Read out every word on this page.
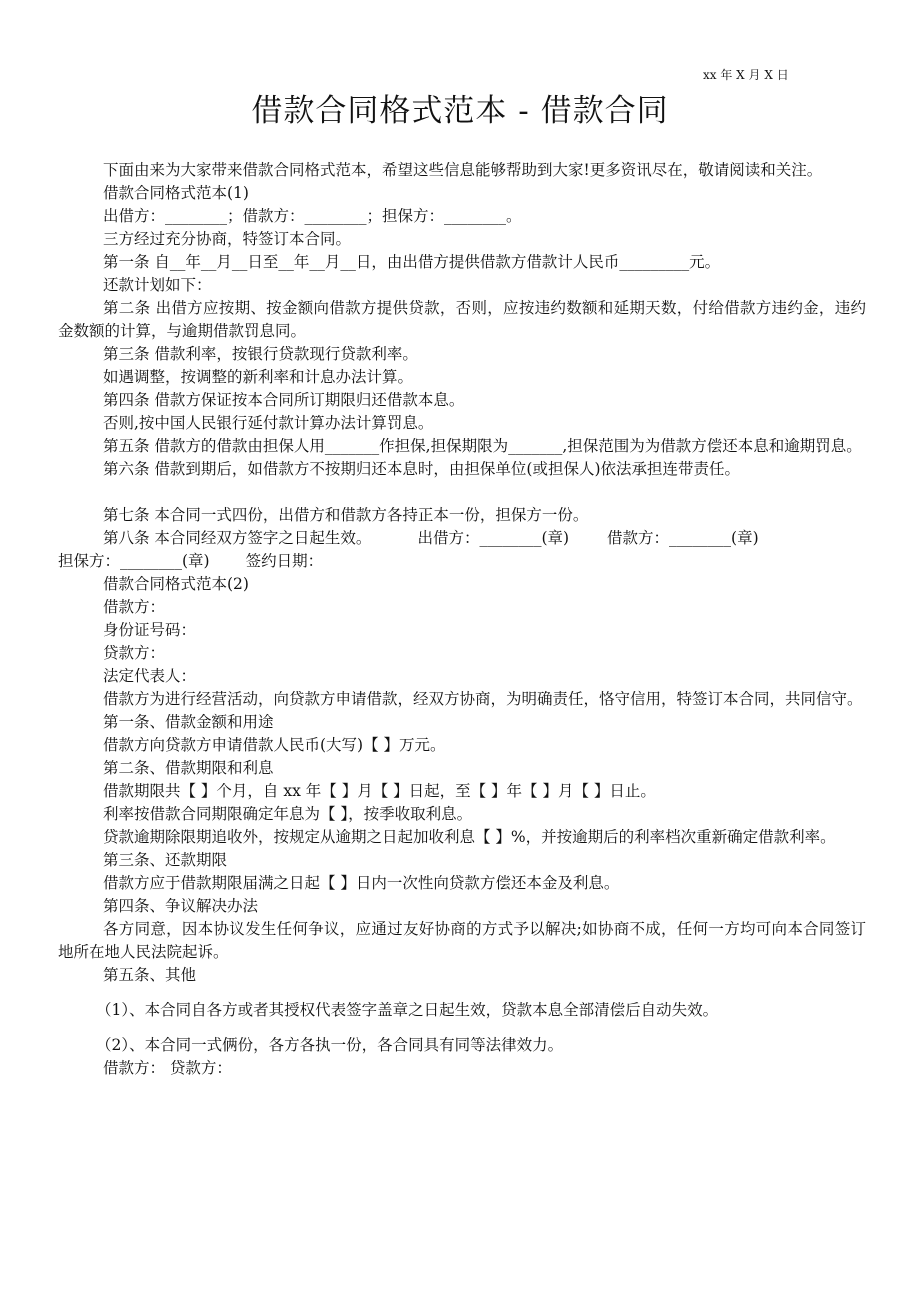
xx 年 X 月 X 日
借款合同格式范本 - 借款合同

下面由来为大家带来借款合同格式范本，希望这些信息能够帮助到大家!更多资讯尽在，敬请阅读和关注。

借款合同格式范本(1)

出借方：________；借款方：________；担保方：________。

三方经过充分协商，特签订本合同。

第一条 自__年__月__日至__年__月__日，由出借方提供借款方借款计人民币_________元。

还款计划如下：

第二条 出借方应按期、按金额向借款方提供贷款，否则，应按违约数额和延期天数，付给借款方违约金，违约金数额的计算，与逾期借款罚息同。

第三条 借款利率，按银行贷款现行贷款利率。

如遇调整，按调整的新利率和计息办法计算。

第四条 借款方保证按本合同所订期限归还借款本息。

否则,按中国人民银行延付款计算办法计算罚息。

第五条 借款方的借款由担保人用_______作担保,担保期限为_______,担保范围为为借款方偿还本息和逾期罚息。

第六条 借款到期后，如借款方不按期归还本息时，由担保单位(或担保人)依法承担连带责任。

第七条 本合同一式四份，出借方和借款方各持正本一份，担保方一份。

第八条 本合同经双方签字之日起生效。	出借方：________(章) 借款方：________(章)

担保方：________(章) 签约日期：

借款合同格式范本(2)

借款方：

身份证号码：

贷款方：

法定代表人：

借款方为进行经营活动，向贷款方申请借款，经双方协商，为明确责任，恪守信用，特签订本合同，共同信守。

第一条、借款金额和用途

借款方向贷款方申请借款人民币(大写)【 】万元。

第二条、借款期限和利息

借款期限共【 】个月，自 xx 年【 】月【 】日起，至【 】年【 】月【 】日止。

利率按借款合同期限确定年息为【 】，按季收取利息。

贷款逾期除限期追收外，按规定从逾期之日起加收利息【 】%，并按逾期后的利率档次重新确定借款利率。

第三条、还款期限

借款方应于借款期限届满之日起【 】日内一次性向贷款方偿还本金及利息。

第四条、争议解决办法

各方同意，因本协议发生任何争议，应通过友好协商的方式予以解决;如协商不成，任何一方均可向本合同签订地所在地人民法院起诉。

第五条、其他

（1）、本合同自各方或者其授权代表签字盖章之日起生效，贷款本息全部清偿后自动失效。

（2）、本合同一式俩份，各方各执一份，各合同具有同等法律效力。

借款方： 贷款方：
